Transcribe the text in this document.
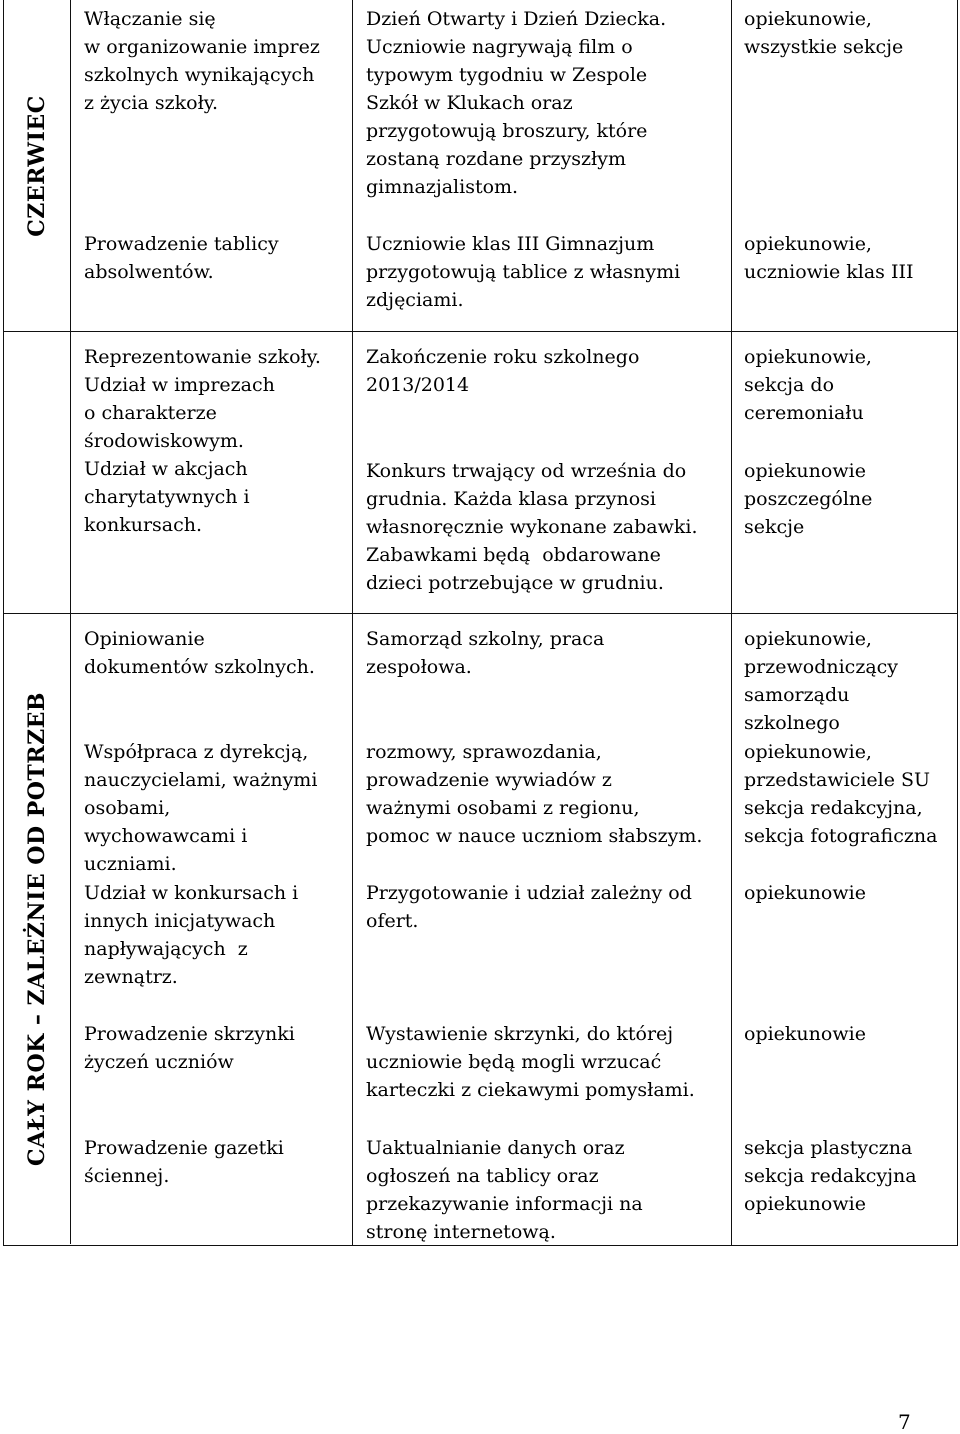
CZERWIEC
CAŁY ROK – ZALEŻNIE OD POTRZEB
Włączanie się
w organizowanie imprez
szkolnych wynikających
z życia szkoły.
Dzień Otwarty i Dzień Dziecka.
Uczniowie nagrywają film o
typowym tygodniu w Zespole
Szkół w Klukach oraz
przygotowują broszury, które
zostaną rozdane przyszłym
gimnazjalistom.
opiekunowie,
wszystkie sekcje
Prowadzenie tablicy
absolwentów.
Uczniowie klas III Gimnazjum
przygotowują tablice z własnymi
zdjęciami.
opiekunowie,
uczniowie klas III
Reprezentowanie szkoły.
Udział w imprezach
o charakterze
środowiskowym.
Udział w akcjach
charytatywnych i
konkursach.
Zakończenie roku szkolnego
2013/2014
opiekunowie,
sekcja do
ceremoniału
Konkurs trwający od września do
grudnia. Każda klasa przynosi
własnoręcznie wykonane zabawki.
Zabawkami będą  obdarowane
dzieci potrzebujące w grudniu.
opiekunowie
poszczególne
sekcje
Opiniowanie
dokumentów szkolnych.
Samorząd szkolny, praca
zespołowa.
opiekunowie,
przewodniczący
samorządu
szkolnego
Współpraca z dyrekcją,
nauczycielami, ważnymi
osobami,
wychowawcami i
uczniami.
rozmowy, sprawozdania,
prowadzenie wywiadów z
ważnymi osobami z regionu,
pomoc w nauce uczniom słabszym.
opiekunowie,
przedstawiciele SU
sekcja redakcyjna,
sekcja fotograficzna
Udział w konkursach i
innych inicjatywach
napływających  z
zewnątrz.
Przygotowanie i udział zależny od
ofert.
opiekunowie
Prowadzenie skrzynki
życzeń uczniów
Wystawienie skrzynki, do której
uczniowie będą mogli wrzucać
karteczki z ciekawymi pomysłami.
opiekunowie
Prowadzenie gazetki
ściennej.
Uaktualnianie danych oraz
ogłoszeń na tablicy oraz
przekazywanie informacji na
stronę internetową.
sekcja plastyczna
sekcja redakcyjna
opiekunowie
7
